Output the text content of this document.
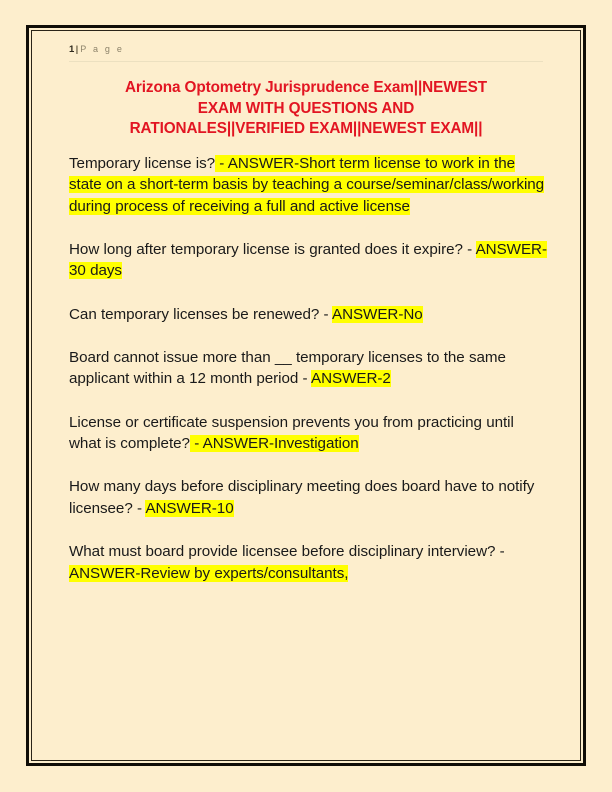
1| P a g e
Arizona Optometry Jurisprudence Exam||NEWEST
EXAM WITH QUESTIONS AND
RATIONALES||VERIFIED EXAM||NEWEST EXAM||
Temporary license is? - ANSWER-Short term license to work in the state on a short-term basis by teaching a course/seminar/class/working during process of receiving a full and active license
How long after temporary license is granted does it expire? - ANSWER-30 days
Can temporary licenses be renewed? - ANSWER-No
Board cannot issue more than __ temporary licenses to the same applicant within a 12 month period - ANSWER-2
License or certificate suspension prevents you from practicing until what is complete? - ANSWER-Investigation
How many days before disciplinary meeting does board have to notify licensee? - ANSWER-10
What must board provide licensee before disciplinary interview? - ANSWER-Review by experts/consultants,
